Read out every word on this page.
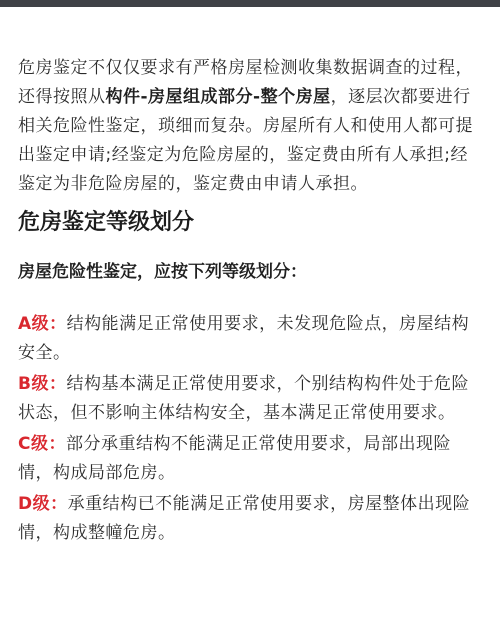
危房鉴定不仅仅要求有严格房屋检测收集数据调查的过程，还得按照从构件-房屋组成部分-整个房屋，逐层次都要进行相关危险性鉴定，琐细而复杂。房屋所有人和使用人都可提出鉴定申请;经鉴定为危险房屋的，鉴定费由所有人承担;经鉴定为非危险房屋的，鉴定费由申请人承担。

危房鉴定等级划分
房屋危险性鉴定，应按下列等级划分：

A级：结构能满足正常使用要求，未发现危险点，房屋结构安全。

B级：结构基本满足正常使用要求，个别结构构件处于危险状态，但不影响主体结构安全，基本满足正常使用要求。

C级：部分承重结构不能满足正常使用要求，局部出现险情，构成局部危房。

D级：承重结构已不能满足正常使用要求，房屋整体出现险情，构成整幢危房。
